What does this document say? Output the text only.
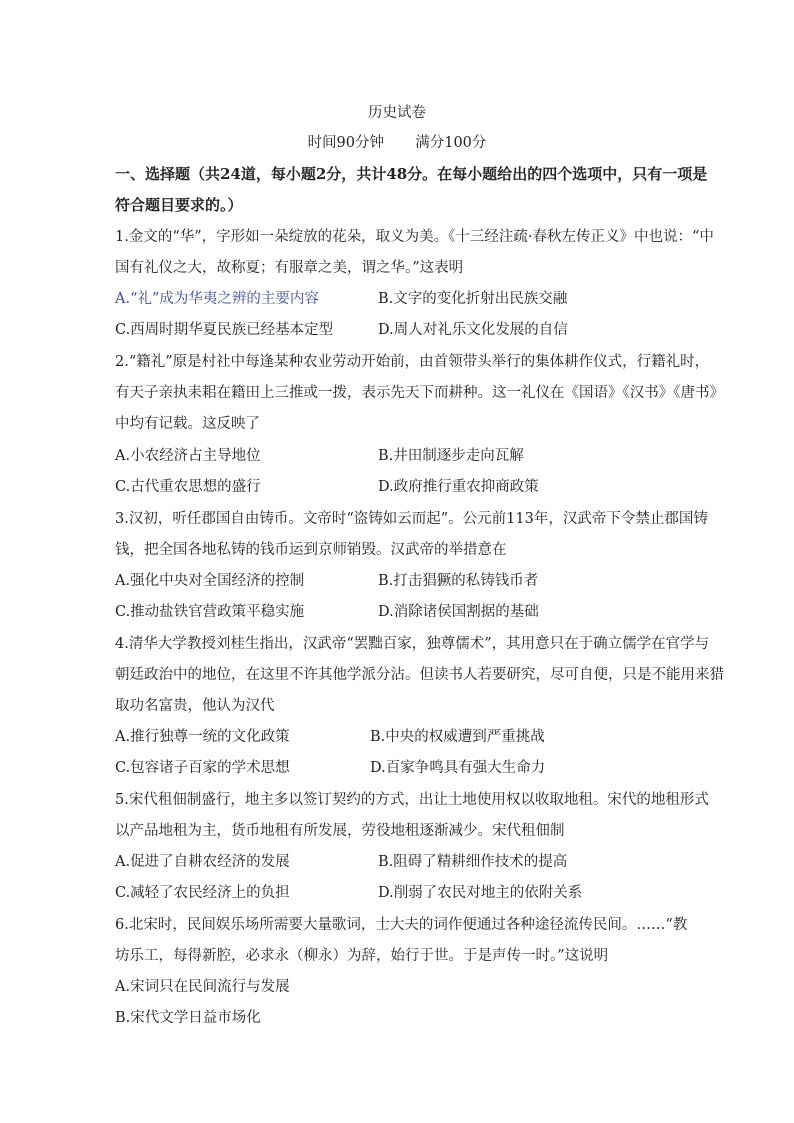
历史试卷
时间90分钟 满分100分
一、选择题（共24道，每小题2分，共计48分。在每小题给出的四个选项中，只有一项是
符合题目要求的。）
1.金文的“华”，字形如一朵绽放的花朵，取义为美。《十三经注疏·春秋左传正义》中也说：“中
国有礼仪之大，故称夏；有服章之美，谓之华。”这表明
A.“礼”成为华夷之辨的主要内容	B.文字的变化折射出民族交融
C.西周时期华夏民族已经基本定型	D.周人对礼乐文化发展的自信
2.“籍礼”原是村社中每逢某种农业劳动开始前，由首领带头举行的集体耕作仪式，行籍礼时，
有天子亲执耒耜在籍田上三推或一拨，表示先天下而耕种。这一礼仪在《国语》《汉书》《唐书》
中均有记载。这反映了
A.小农经济占主导地位	B.井田制逐步走向瓦解
C.古代重农思想的盛行	D.政府推行重农抑商政策
3.汉初，听任郡国自由铸币。文帝时“盗铸如云而起”。公元前113年，汉武帝下令禁止郡国铸
钱，把全国各地私铸的钱币运到京师销毁。汉武帝的举措意在
A.强化中央对全国经济的控制	B.打击猖獗的私铸钱币者
C.推动盐铁官营政策平稳实施	D.消除诸侯国割据的基础
4.清华大学教授刘桂生指出，汉武帝“罢黜百家，独尊儒术”，其用意只在于确立儒学在官学与
朝廷政治中的地位，在这里不许其他学派分沾。但读书人若要研究，尽可自便，只是不能用来猎
取功名富贵，他认为汉代
A.推行独尊一统的文化政策	B.中央的权威遭到严重挑战
C.包容诸子百家的学术思想	D.百家争鸣具有强大生命力
5.宋代租佃制盛行，地主多以签订契约的方式，出让土地使用权以收取地租。宋代的地租形式
以产品地租为主，货币地租有所发展，劳役地租逐渐减少。宋代租佃制
A.促进了自耕农经济的发展	B.阻碍了精耕细作技术的提高
C.减轻了农民经济上的负担	D.削弱了农民对地主的依附关系
6.北宋时，民间娱乐场所需要大量歌词，士大夫的词作便通过各种途径流传民间。……“教
坊乐工，每得新腔，必求永（柳永）为辞，始行于世。于是声传一时。”这说明
A.宋词只在民间流行与发展
B.宋代文学日益市场化
